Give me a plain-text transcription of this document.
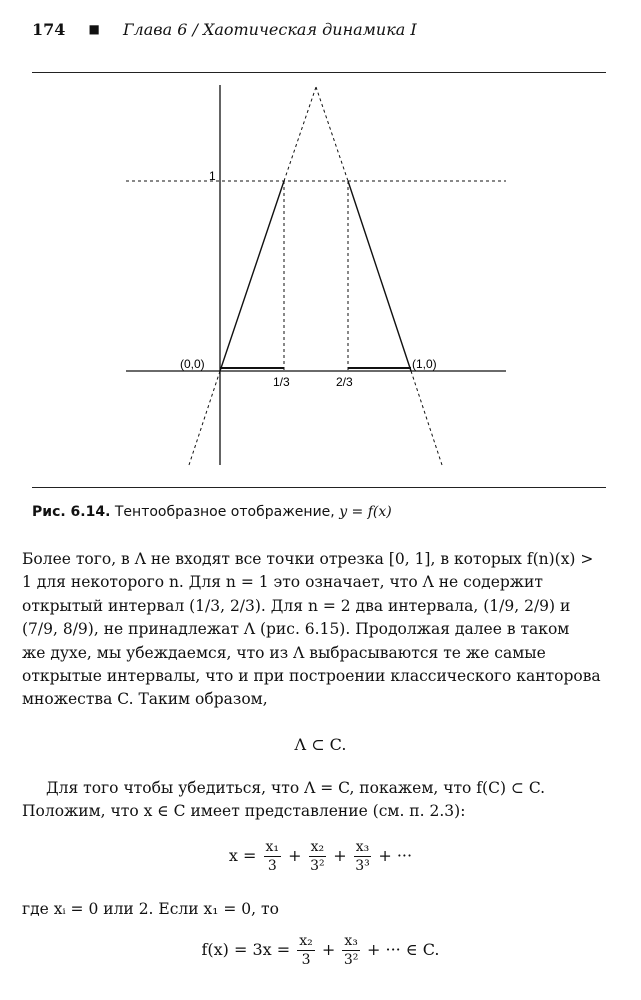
174 ■ Глава 6 / Хаотическая динамика I
1
(0,0)
1/3	2/3
(1,0)
Рис. 6.14. Тентообразное отображение, y = f(x)

Более того, в Λ не входят все точки отрезка [0, 1], в которых f(n)(x) >

1 для некоторого n. Для n = 1 это означает, что Λ не содержит

открытый интервал (1/3, 2/3). Для n = 2 два интервала, (1/9, 2/9) и

(7/9, 8/9), не принадлежат Λ (рис. 6.15). Продолжая далее в таком

же духе, мы убеждаемся, что из Λ выбрасываются те же самые

открытые интервалы, что и при построении классического канторова

множества C. Таким образом,

Λ ⊂ C.

Для того чтобы убедиться, что Λ = C, покажем, что f(C) ⊂ C.

Положим, что x ∈ C имеет представление (см. п. 2.3):

$x = \frac{\text{x₁}}{3} + \frac{\text{x₂}}{\text{3²}} + \frac{\text{x₃}}{\text{3³}}$ + ···

где xᵢ = 0 или 2. Если x₁ = 0, то

$f(x) = 3x = \frac{\text{x₂}}{3} + \frac{\text{x₃}}{\text{3²}}$ + ··· ∈ C.
